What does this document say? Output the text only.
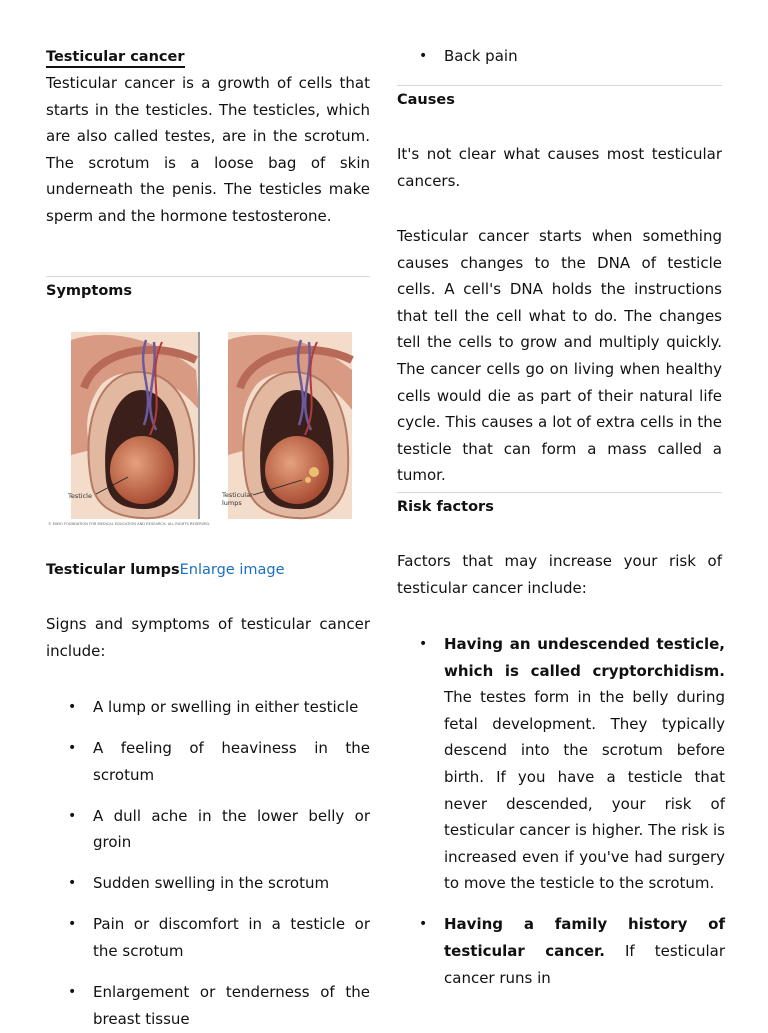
Testicular cancer

Testicular cancer is a growth of cells that starts in the testicles. The testicles, which are also called testes, are in the scrotum. The scrotum is a loose bag of skin underneath the penis. The testicles make sperm and the hormone testosterone.

Symptoms
Testicle	Testicular
lumps
© MAYO FOUNDATION FOR MEDICAL EDUCATION AND RESEARCH. ALL RIGHTS RESERVED.
Testicular lumpsEnlarge image

Signs and symptoms of testicular cancer include:

• A lump or swelling in either testicle
• A feeling of heaviness in the scrotum
• A dull ache in the lower belly or groin
• Sudden swelling in the scrotum
• Pain or discomfort in a testicle or the scrotum
• Enlargement or tenderness of the breast tissue
• Back pain
Causes

It's not clear what causes most testicular cancers.

Testicular cancer starts when something causes changes to the DNA of testicle cells. A cell's DNA holds the instructions that tell the cell what to do. The changes tell the cells to grow and multiply quickly. The cancer cells go on living when healthy cells would die as part of their natural life cycle. This causes a lot of extra cells in the testicle that can form a mass called a tumor.

Risk factors

Factors that may increase your risk of testicular cancer include:

• Having an undescended testicle, which is called cryptorchidism. The testes form in the belly during fetal development. They typically descend into the scrotum before birth. If you have a testicle that never descended, your risk of testicular cancer is higher. The risk is increased even if you've had surgery to move the testicle to the scrotum.
• Having a family history of testicular cancer. If testicular cancer runs in
